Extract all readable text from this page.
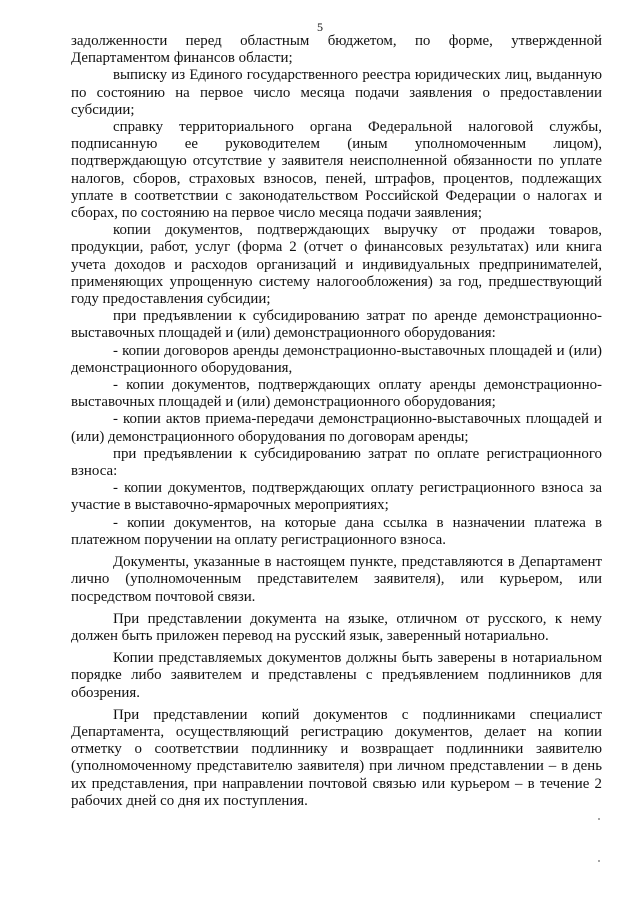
5

задолженности перед областным бюджетом, по форме, утвержденной Департаментом финансов области;

выписку из Единого государственного реестра юридических лиц, выданную по состоянию на первое число месяца подачи заявления о предоставлении субсидии;

справку территориального органа Федеральной налоговой службы, подписанную ее руководителем (иным уполномоченным лицом), подтверждающую отсутствие у заявителя неисполненной обязанности по уплате налогов, сборов, страховых взносов, пеней, штрафов, процентов, подлежащих уплате в соответствии с законодательством Российской Федерации о налогах и сборах, по состоянию на первое число месяца подачи заявления;

копии документов, подтверждающих выручку от продажи товаров, продукции, работ, услуг (форма 2 (отчет о финансовых результатах) или книга учета доходов и расходов организаций и индивидуальных предпринимателей, применяющих упрощенную систему налогообложения) за год, предшествующий году предоставления субсидии;

при предъявлении к субсидированию затрат по аренде демонстрационно-выставочных площадей и (или) демонстрационного оборудования:

- копии договоров аренды демонстрационно-выставочных площадей и (или) демонстрационного оборудования,

- копии документов, подтверждающих оплату аренды демонстрационно-выставочных площадей и (или) демонстрационного оборудования;

- копии актов приема-передачи демонстрационно-выставочных площадей и (или) демонстрационного оборудования по договорам аренды;

при предъявлении к субсидированию затрат по оплате регистрационного взноса:

- копии документов, подтверждающих оплату регистрационного взноса за участие в выставочно-ярмарочных мероприятиях;

- копии документов, на которые дана ссылка в назначении платежа в платежном поручении на оплату регистрационного взноса.

Документы, указанные в настоящем пункте, представляются в Департамент лично (уполномоченным представителем заявителя), или курьером, или посредством почтовой связи.

При представлении документа на языке, отличном от русского, к нему должен быть приложен перевод на русский язык, заверенный нотариально.

Копии представляемых документов должны быть заверены в нотариальном порядке либо заявителем и представлены с предъявлением подлинников для обозрения.

При представлении копий документов с подлинниками специалист Департамента, осуществляющий регистрацию документов, делает на копии отметку о соответствии подлиннику и возвращает подлинники заявителю (уполномоченному представителю заявителя) при личном представлении – в день их представления, при направлении почтовой связью или курьером – в течение 2 рабочих дней со дня их поступления.
